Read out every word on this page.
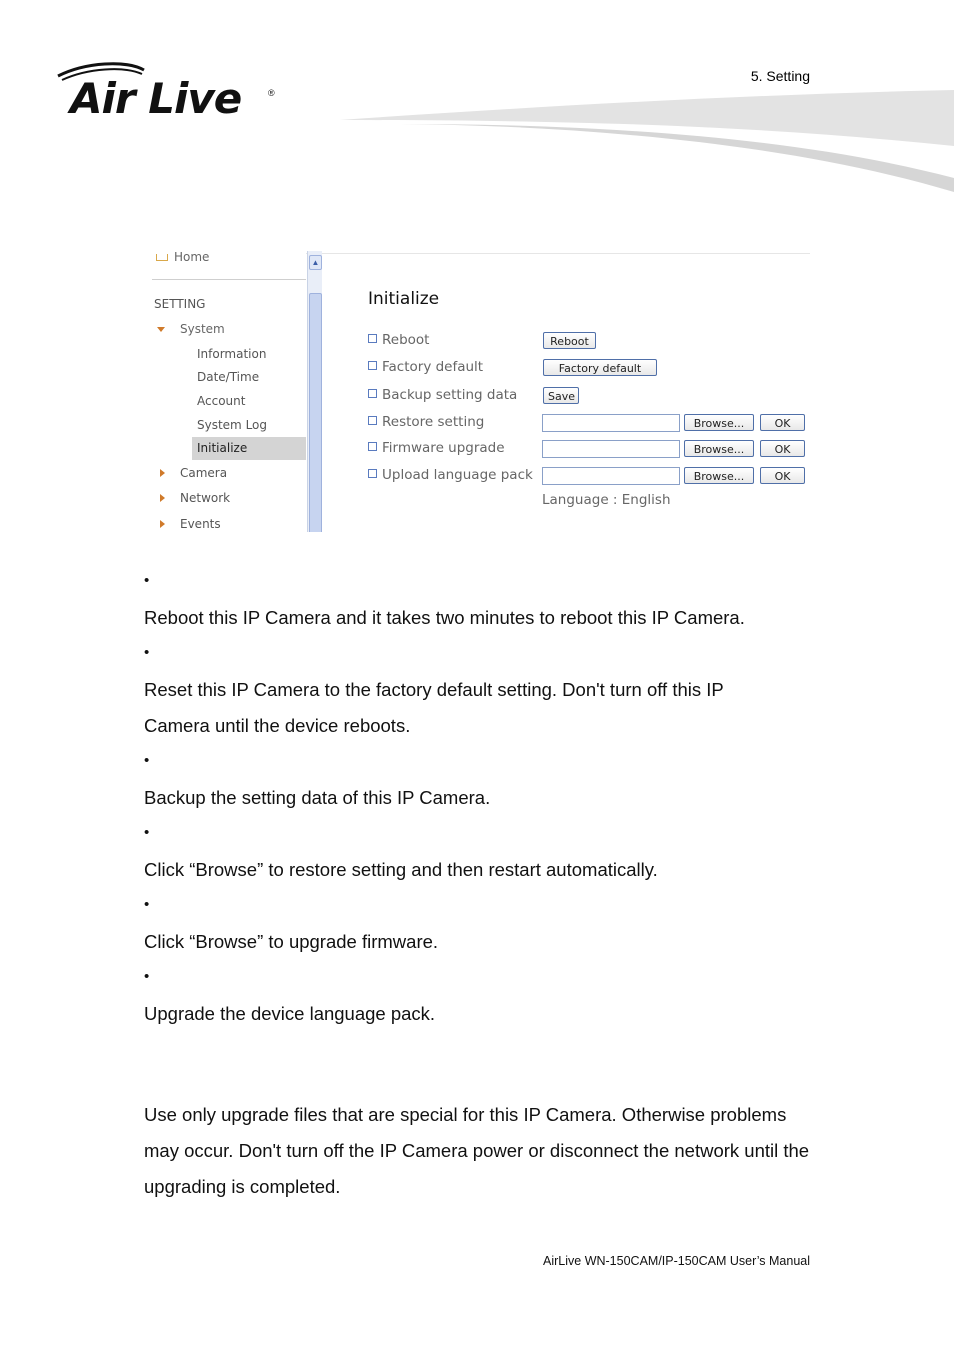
Air Live	®
5. Setting
Home
SETTING
System
Information
Date/Time
Account
System Log
Initialize
Camera
Network
Events
▲
Initialize
Reboot	Reboot
Factory default	Factory default
Backup setting data	Save
Restore setting	Browse...	OK
Firmware upgrade	Browse...	OK
Upload language pack	Browse...	OK
Language : English
•
Reboot this IP Camera and it takes two minutes to reboot this IP Camera.
•
Reset this IP Camera to the factory default setting. Don't turn off this IP Camera until the device reboots.
•
Backup the setting data of this IP Camera.
•
Click “Browse” to restore setting and then restart automatically.
•
Click “Browse” to upgrade firmware.
•
Upgrade the device language pack.
Use only upgrade files that are special for this IP Camera. Otherwise problems may occur. Don't turn off the IP Camera power or disconnect the network until the upgrading is completed.
AirLive WN-150CAM/IP-150CAM User’s Manual
